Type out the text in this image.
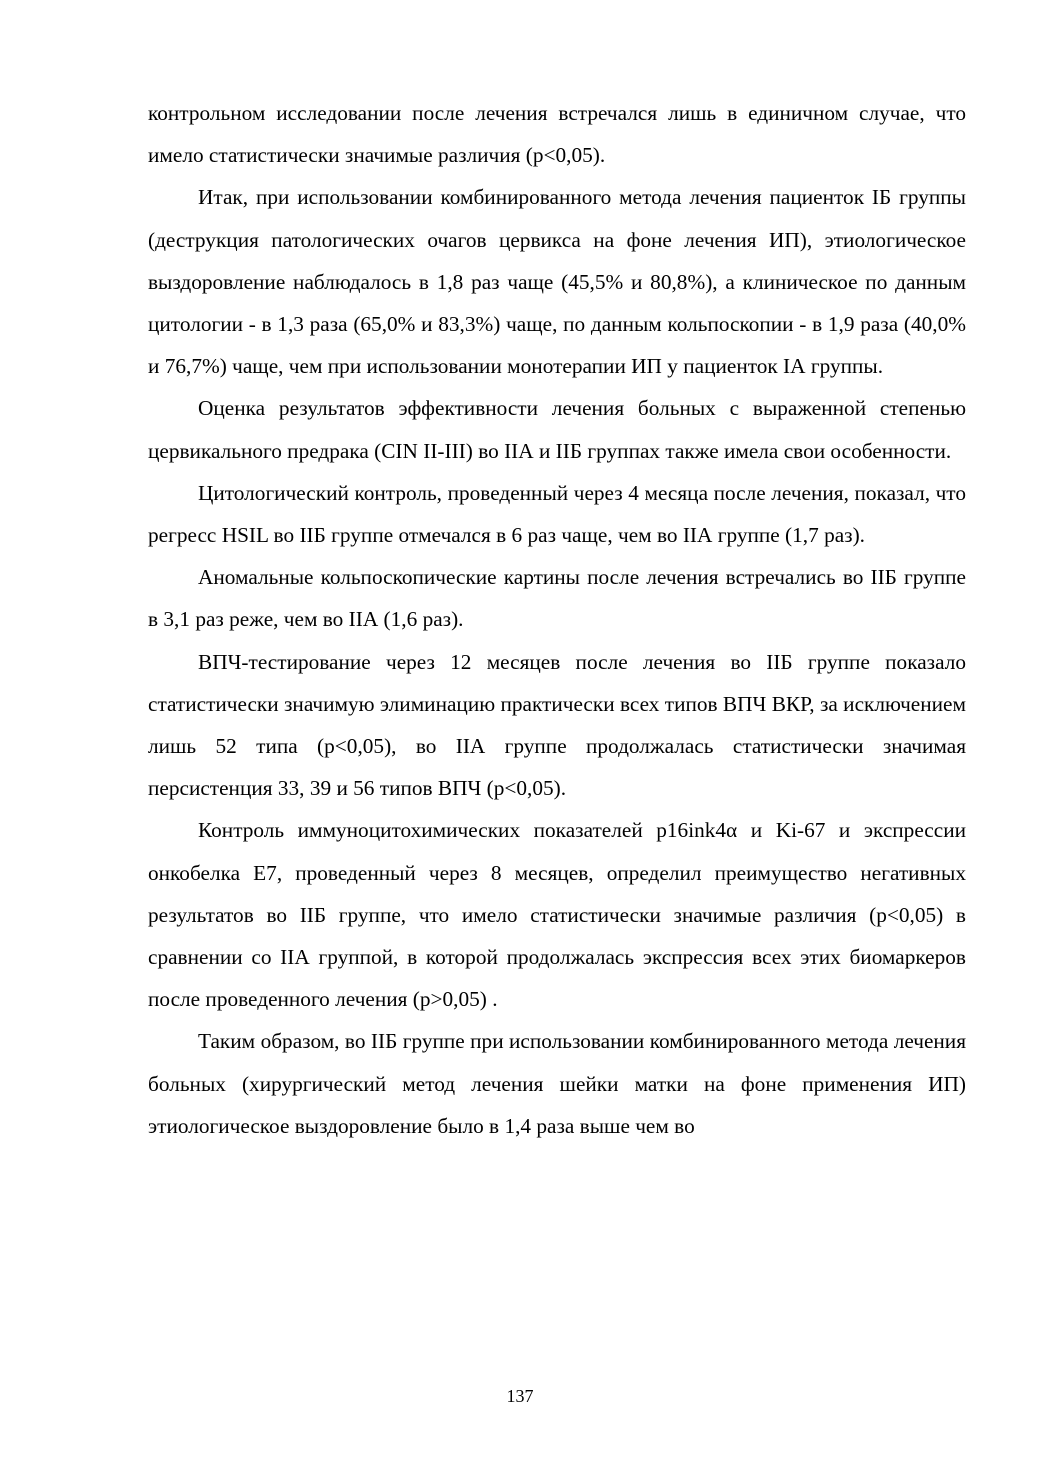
контрольном исследовании после лечения встречался лишь в единичном случае, что имело статистически значимые различия (р<0,05).

Итак, при использовании комбинированного метода лечения пациенток IБ группы (деструкция патологических очагов цервикса на фоне лечения ИП), этиологическое выздоровление наблюдалось в 1,8 раз чаще (45,5% и 80,8%), а клиническое по данным цитологии - в 1,3 раза (65,0% и 83,3%) чаще, по данным кольпоскопии - в 1,9 раза (40,0% и 76,7%) чаще, чем при использовании монотерапии ИП у пациенток IА группы.

Оценка результатов эффективности лечения больных с выраженной степенью цервикального предрака (CIN II-III) во IIА и IIБ группах также имела свои особенности.

Цитологический контроль, проведенный через 4 месяца после лечения, показал, что регресс HSIL во IIБ группе отмечался в 6 раз чаще, чем во IIА группе (1,7 раз).

Аномальные кольпоскопические картины после лечения встречались во IIБ группе в 3,1 раз реже, чем во IIА (1,6 раз).

ВПЧ-тестирование через 12 месяцев после лечения во IIБ группе показало статистически значимую элиминацию практически всех типов ВПЧ ВКР, за исключением лишь 52 типа (р<0,05), во IIА группе продолжалась статистически значимая персистенция 33, 39 и 56 типов ВПЧ (р<0,05).

Контроль иммуноцитохимических показателей p16ink4α и Ki-67 и экспрессии онкобелка Е7, проведенный через 8 месяцев, определил преимущество негативных результатов во IIБ группе, что имело статистически значимые различия (р<0,05) в сравнении со IIА группой, в которой продолжалась экспрессия всех этих биомаркеров после проведенного лечения (р>0,05) .

Таким образом, во IIБ группе при использовании комбинированного метода лечения больных (хирургический метод лечения шейки матки на фоне применения ИП) этиологическое выздоровление было в 1,4 раза выше чем во

137
